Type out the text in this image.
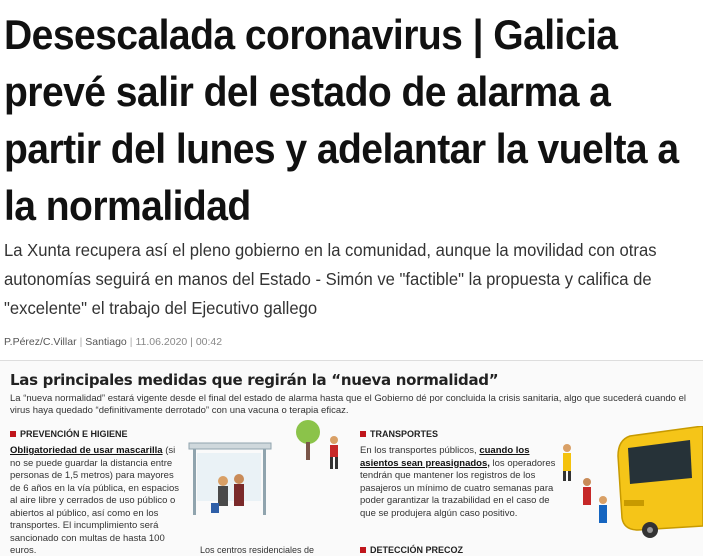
Desescalada coronavirus | Galicia prevé salir del estado de alarma a partir del lunes y adelantar la vuelta a la normalidad

La Xunta recupera así el pleno gobierno en la comunidad, aunque la movilidad con otras autonomías seguirá en manos del Estado - Simón ve "factible" la propuesta y califica de "excelente" el trabajo del Ejecutivo gallego

P.Pérez/C.Villar | Santiago | 11.06.2020 | 00:42
Las principales medidas que regirán la “nueva normalidad”

La “nueva normalidad” estará vigente desde el final del estado de alarma hasta que el Gobierno dé por concluida la crisis sanitaria, algo que sucederá cuando el virus haya quedado “definitivamente derrotado” con una vacuna o terapia eficaz.

PREVENCIÓN E HIGIENE

Obligatoriedad de usar mascarilla (si no se puede guardar la distancia entre personas de 1,5 metros) para mayores de 6 años en la vía pública, en espacios al aire libre y cerrados de uso público o abiertos al público, así como en los transportes. El incumplimiento será sancionado con multas de hasta 100 euros.	Los centros residenciales de

TRANSPORTES

En los transportes públicos, cuando los asientos sean preasignados, los operadores tendrán que mantener los registros de los pasajeros un mínimo de cuatro semanas para poder garantizar la trazabilidad en el caso de que se produjera algún caso positivo.

DETECCIÓN PRECOZ
